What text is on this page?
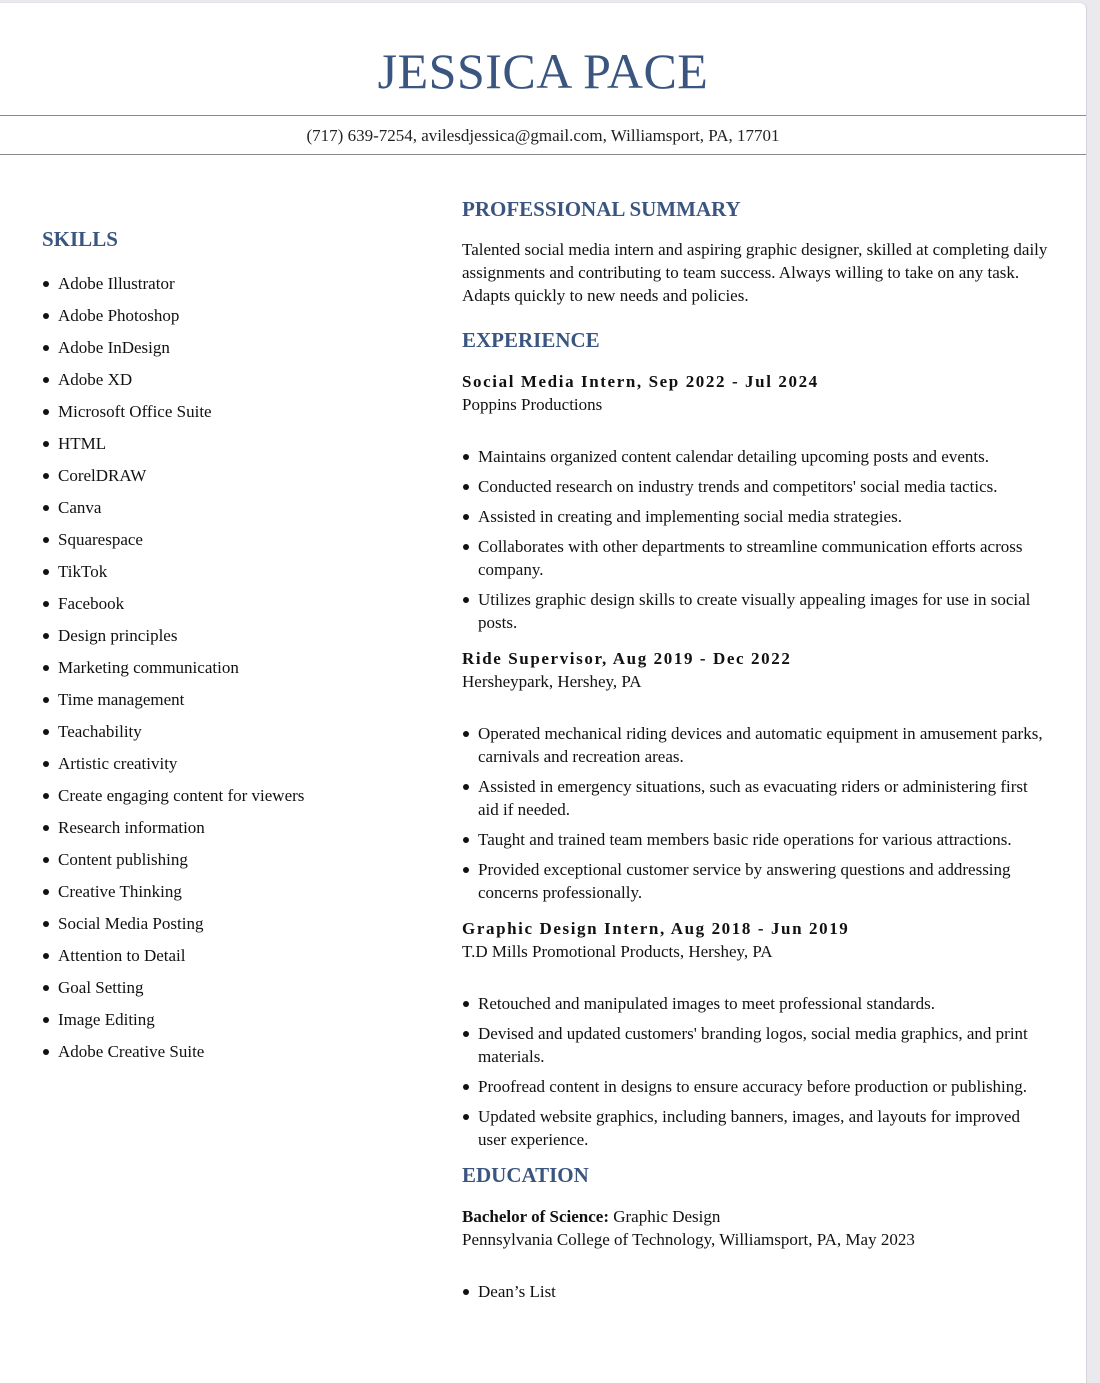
JESSICA PACE
(717) 639-7254, avilesdjessica@gmail.com, Williamsport, PA, 17701
SKILLS
Adobe Illustrator
Adobe Photoshop
Adobe InDesign
Adobe XD
Microsoft Office Suite
HTML
CorelDRAW
Canva
Squarespace
TikTok
Facebook
Design principles
Marketing communication
Time management
Teachability
Artistic creativity
Create engaging content for viewers
Research information
Content publishing
Creative Thinking
Social Media Posting
Attention to Detail
Goal Setting
Image Editing
Adobe Creative Suite
PROFESSIONAL SUMMARY

Talented social media intern and aspiring graphic designer, skilled at completing daily assignments and contributing to team success. Always willing to take on any task. Adapts quickly to new needs and policies.

EXPERIENCE
Social Media Intern, Sep 2022 - Jul 2024
Poppins Productions
Maintains organized content calendar detailing upcoming posts and events.
Conducted research on industry trends and competitors' social media tactics.
Assisted in creating and implementing social media strategies.
Collaborates with other departments to streamline communication efforts across company.
Utilizes graphic design skills to create visually appealing images for use in social posts.
Ride Supervisor, Aug 2019 - Dec 2022
Hersheypark, Hershey, PA
Operated mechanical riding devices and automatic equipment in amusement parks, carnivals and recreation areas.
Assisted in emergency situations, such as evacuating riders or administering first aid if needed.
Taught and trained team members basic ride operations for various attractions.
Provided exceptional customer service by answering questions and addressing concerns professionally.
Graphic Design Intern, Aug 2018 - Jun 2019
T.D Mills Promotional Products, Hershey, PA
Retouched and manipulated images to meet professional standards.
Devised and updated customers' branding logos, social media graphics, and print materials.
Proofread content in designs to ensure accuracy before production or publishing.
Updated website graphics, including banners, images, and layouts for improved user experience.
EDUCATION
Bachelor of Science: Graphic Design
Pennsylvania College of Technology, Williamsport, PA, May 2023
Dean’s List
